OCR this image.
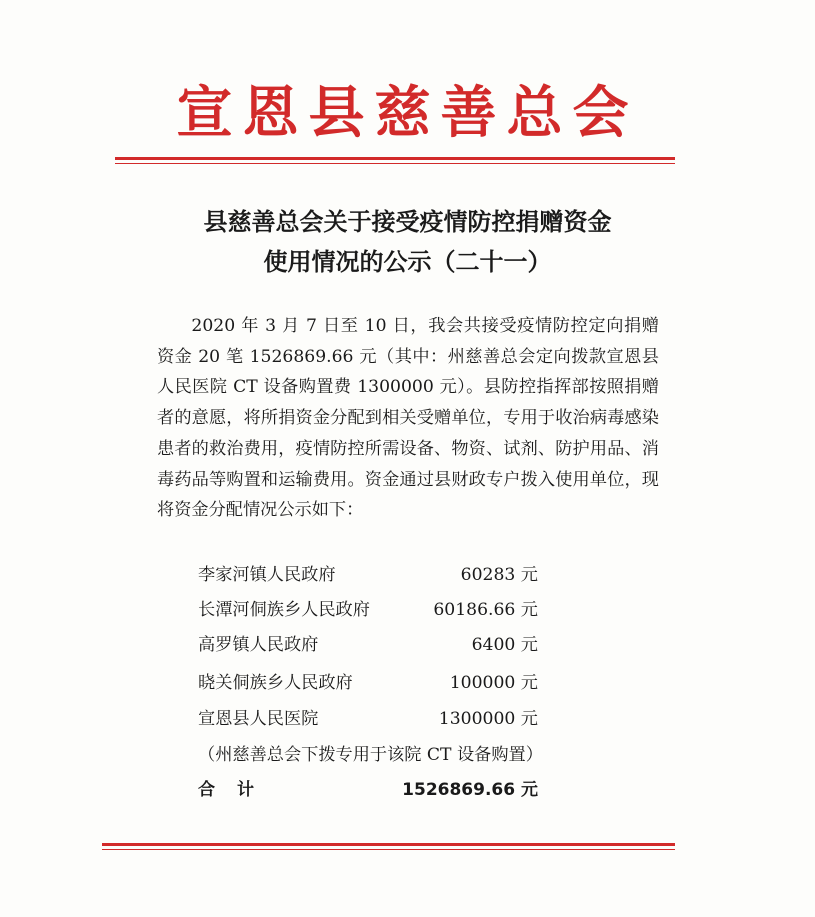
宣恩县慈善总会
县慈善总会关于接受疫情防控捐赠资金
使用情况的公示（二十一）

2020 年 3 月 7 日至 10 日，我会共接受疫情防控定向捐赠资金 20 笔 1526869.66 元（其中：州慈善总会定向拨款宣恩县人民医院 CT 设备购置费 1300000 元）。县防控指挥部按照捐赠者的意愿，将所捐资金分配到相关受赠单位，专用于收治病毒感染患者的救治费用，疫情防控所需设备、物资、试剂、防护用品、消毒药品等购置和运输费用。资金通过县财政专户拨入使用单位，现将资金分配情况公示如下：

李家河镇人民政府	60283 元
长潭河侗族乡人民政府	60186.66 元
高罗镇人民政府	6400 元
晓关侗族乡人民政府	100000 元
宣恩县人民医院	1300000 元
（州慈善总会下拨专用于该院 CT 设备购置）
合计	1526869.66 元
